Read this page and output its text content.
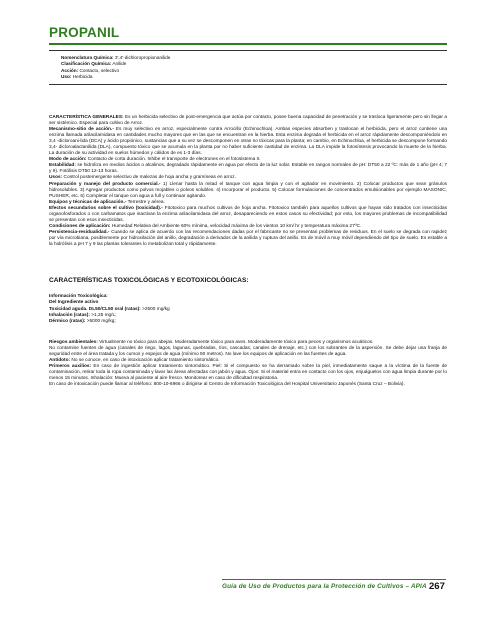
PROPANIL
Nomenclatura Química: 3',4'-dichloropropionanilide
Clasificación Química: Anilide
Acción: Contacto, selectivo
Uso: Herbicida

CARACTERÍSTICA GENERALES: Es un herbicida selectivo de post-emergencia que actúa por contacto, posee buena capacidad de penetración y se trasloca ligeramente pero sin llegar a ser sistémico. Especial para cultivo de Arroz.

Mecanismo-sitio de acción.- Es muy selectivo en arroz, especialmente contra Arrocillo (Echinochloa). Ambas especies absorben y traslocan el herbicida, pero el arroz contiene una enzima llamada arilacilamidasa en cantidades mucho mayores que en las que se encuentran en la hierba. Esta enzima degrada el herbicida en el arroz rápidamente descomponiéndolo en 3,4 -dicloroani-lida (DCA) y ácido propiónico, sustancias que a su vez se descomponen en otras no tóxicas para la planta; en cambio, en Echinochloa, el herbicida se descompone formando 3,4- dicloroalactanilida (DLA), compuesto tóxico que se acumula en la planta por no haber suficiente cantidad de enzima. La DLA impide la fotosíntesis provocando la muerte de la hierba. La duración de su actividad en suelos húmedos y cálidos de es 1-3 días.

Modo de acción: Contacto de corta duración. Inhibe el transporte de electrones en el fotosistema II.

Estabilidad: se hidroliza en medios ácidos o alcalinos, degradado rápidamente en agua por efecto de la luz solar. Estable en rangos normales de pH: DT50 a 22 ºC: más de 1 año (pH 4; 7 y 9). Fotólisis DT50 12-13 horas.

Usos: Control postemergente selectivo de malezas de hoja ancha y gramíneas en arroz.

Preparación y manejo del producto comercial.- 1) Llenar hasta la mitad el tanque con agua limpia y con el agitador en movimiento. 2) Colocar productos que sean gránulos hidrosolubles. 3) Agregar productos como polvos mojables o polvos solubles. 4) Incorporar el producto. 5) Colocar formulaciones de concentrados emulsionables por ejemplo MASONIC, PUSHER, etc. 6) Completar el tanque con agua a full y continuar agitando.

Equipos y técnicas de aplicación.- Terrestre y aérea.

Efectos secundarios sobre el cultivo (toxicidad).- Fitotoxico para muchos cultivos de hoja ancha. Fitotoxico también para aquellos cultivos que hayan sido tratados con insecticidas organofosforados o con carbamatos que inactivan la enzima arilacilamidasa del arroz, desapareciendo en estos casos su efectividad; por esto, los mayores problemas de incompatibilidad se presentan con esos insecticidas.

Condiciones de aplicación: Humedad Relativa del Ambiente 60% mínima, velocidad máxima de los vientos 10 km/ hr y temperatura máxima 27ºC.

Persistencia-residualidad.- Cuando se aplica de acuerdo con las recomendaciones dadas por el fabricante no se presentan problemas de residuos. En el suelo se degrada con rapidez por vía microbiana, posiblemente por hidroxilación del anillo, degradación a derivados de la anilida y ruptura del anillo. Es de móvil a muy móvil dependiendo del tipo de suelo. Es estable a la hidrólisis a pH 7 y 9 las plantas tolerantes lo metabolizan total y rápidamente.

CARACTERÍSTICAS TOXICOLÓGICAS Y ECOTOXICOLÓGICAS:

Información Toxicológica:

Del Ingrediente activo

Toxicidad aguda. DL50/CL50 oral (ratas): >2500 mg/kg

Inhalación (ratas): >1,25 mg/L;

Dérmico (ratas): >5000 mg/kg;

Riesgos ambientales: Virtualmente no tóxico para abejas. Moderadamente tóxico para aves. Moderadamente tóxico para peces y organismos acuáticos.

No contamine fuentes de agua (canales de riego, lagos, lagunas, quebradas, ríos, cascadas, canales de drenaje, etc.) con los sobrantes de la aspersión. Se debe dejar una franja de seguridad entre el área tratada y los cursos y espejos de agua (mínimo 50 metros). No lave los equipos de aplicación en las fuentes de agua.

Antídoto: No se conoce, en caso de intoxicación aplicar tratamiento sintomático.

Primeros auxilios: En caso de ingestión aplicar tratamiento sintomático. Piel: Si el compuesto se ha derramado sobre la piel, inmediatamente saque a la víctima de la fuente de contaminación, retirar toda la ropa contaminada y lavar las áreas afectadas con jabón y agua. Ojos: Si el material entra en contacto con los ojos, enjuáguelos con agua limpia durante por lo menos 15 minutos. Inhalación: Mueva al paciente al aire fresco. Monitorear en caso de dificultad respiratoria.

En caso de intoxicación puede llamar al teléfono: 800-10-6966 o dirigirse al Centro de Información Toxicológica del Hospital Universitario Japonés (Santa Cruz – Bolivia).

Guía de Uso de Productos para la Protección de Cultivos – APIA 267
